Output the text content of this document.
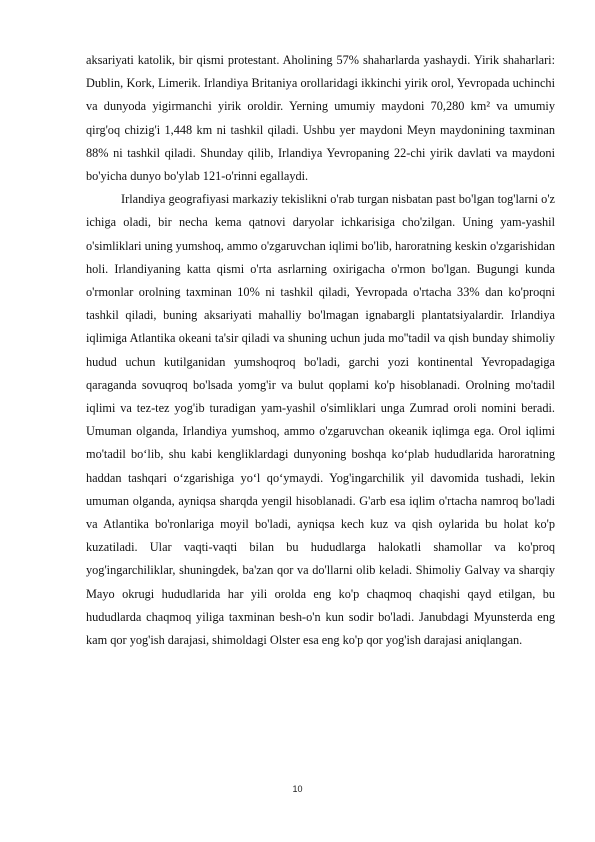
aksariyati katolik, bir qismi protestant. Aholining 57% shaharlarda yashaydi. Yirik shaharlari: Dublin, Kork, Limerik. Irlandiya Britaniya orollaridagi ikkinchi yirik orol, Yevropada uchinchi va dunyoda yigirmanchi yirik oroldir. Yerning umumiy maydoni 70,280 km² va umumiy qirg'oq chizig'i 1,448 km ni tashkil qiladi. Ushbu yer maydoni Meyn maydonining taxminan 88% ni tashkil qiladi. Shunday qilib, Irlandiya Yevropaning 22-chi yirik davlati va maydoni bo'yicha dunyo bo'ylab 121-o'rinni egallaydi.

Irlandiya geografiyasi markaziy tekislikni o'rab turgan nisbatan past bo'lgan tog'larni o'z ichiga oladi, bir necha kema qatnovi daryolar ichkarisiga cho'zilgan. Uning yam-yashil o'simliklari uning yumshoq, ammo o'zgaruvchan iqlimi bo'lib, haroratning keskin o'zgarishidan holi. Irlandiyaning katta qismi o'rta asrlarning oxirigacha o'rmon bo'lgan. Bugungi kunda o'rmonlar orolning taxminan 10% ni tashkil qiladi, Yevropada o'rtacha 33% dan ko'proqni tashkil qiladi, buning aksariyati mahalliy bo'lmagan ignabargli plantatsiyalardir. Irlandiya iqlimiga Atlantika okeani ta'sir qiladi va shuning uchun juda mo''tadil va qish bunday shimoliy hudud uchun kutilganidan yumshoqroq bo'ladi, garchi yozi kontinental Yevropadagiga qaraganda sovuqroq bo'lsada yomg'ir va bulut qoplami ko'p hisoblanadi. Orolning mo'tadil iqlimi va tez-tez yog'ib turadigan yam-yashil o'simliklari unga Zumrad oroli nomini beradi. Umuman olganda, Irlandiya yumshoq, ammo o'zgaruvchan okeanik iqlimga ega. Orol iqlimi mo'tadil bo‘lib, shu kabi kengliklardagi dunyoning boshqa ko‘plab hududlarida haroratning haddan tashqari o‘zgarishiga yo‘l qo‘ymaydi. Yog'ingarchilik yil davomida tushadi, lekin umuman olganda, ayniqsa sharqda yengil hisoblanadi. G'arb esa iqlim o'rtacha namroq bo'ladi va Atlantika bo'ronlariga moyil bo'ladi, ayniqsa kech kuz va qish oylarida bu holat ko'p kuzatiladi. Ular vaqti-vaqti bilan bu hududlarga halokatli shamollar va ko'proq yog'ingarchiliklar, shuningdek, ba'zan qor va do'llarni olib keladi. Shimoliy Galvay va sharqiy Mayo okrugi hududlarida har yili orolda eng ko'p chaqmoq chaqishi qayd etilgan, bu hududlarda chaqmoq yiliga taxminan besh-o'n kun sodir bo'ladi. Janubdagi Myunsterda eng kam qor yog'ish darajasi, shimoldagi Olster esa eng ko'p qor yog'ish darajasi aniqlangan.

10
